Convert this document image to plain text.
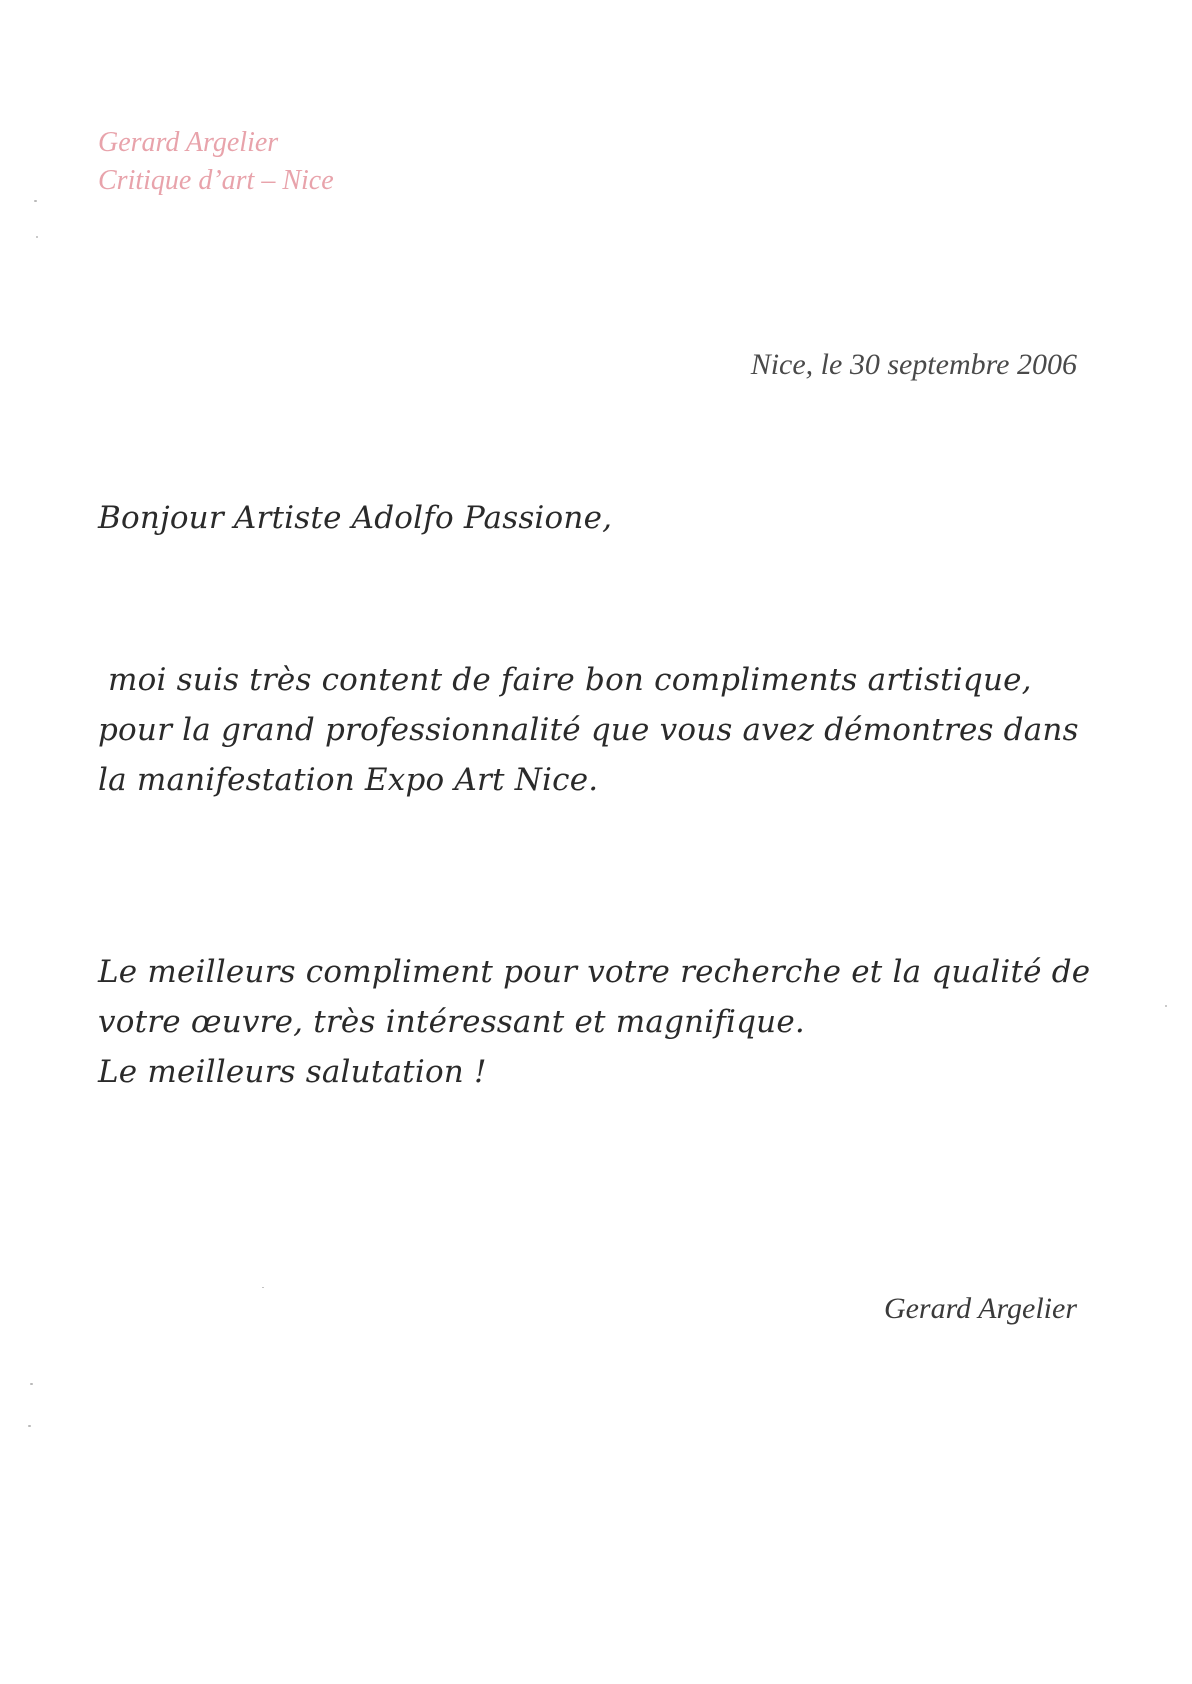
Gerard Argelier
Critique d’art – Nice
Nice, le 30 septembre 2006
Bonjour Artiste Adolfo Passione,
moi suis très content de faire bon compliments artistique,
pour la grand professionnalité que vous avez démontres dans
la manifestation Expo Art Nice.
Le meilleurs compliment pour votre recherche et la qualité de
votre œuvre, très intéressant et magnifique.
Le meilleurs salutation !
Gerard Argelier
